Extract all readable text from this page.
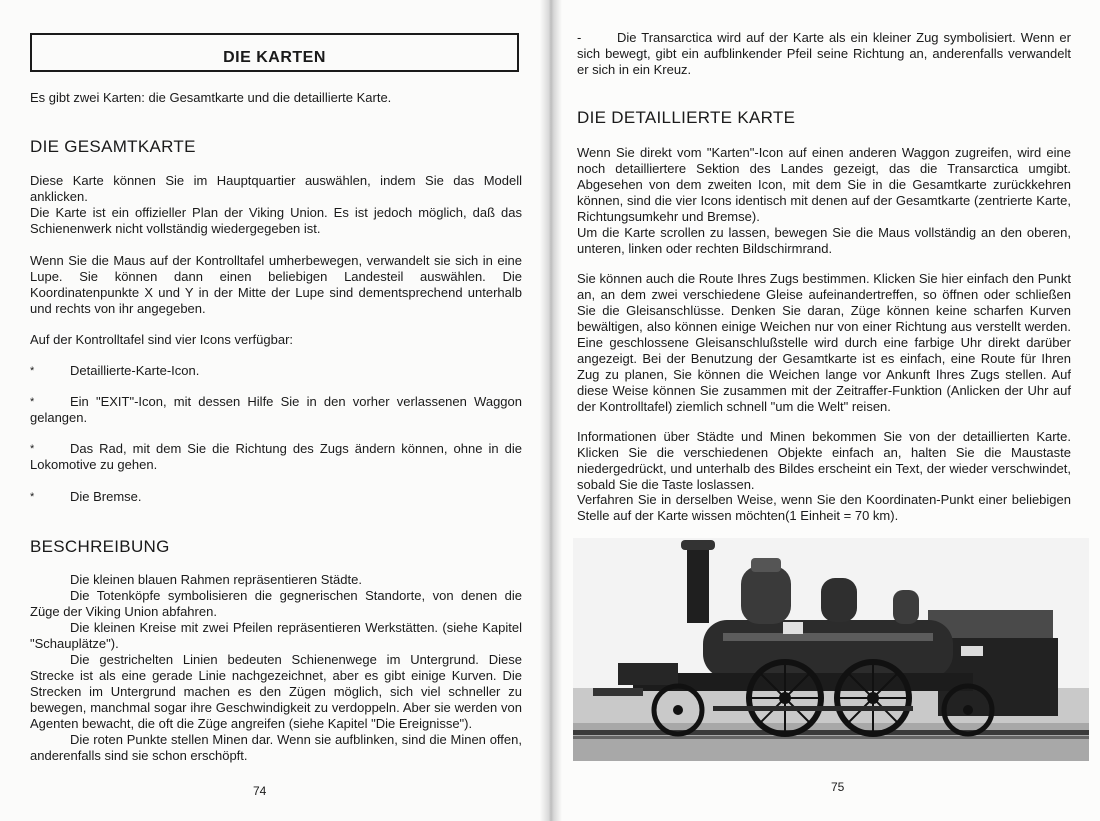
DIE KARTEN
Es gibt zwei Karten: die Gesamtkarte und die detaillierte Karte.
DIE GESAMTKARTE
Diese Karte können Sie im Hauptquartier auswählen, indem Sie das Modell anklicken.
Die Karte ist ein offizieller Plan der Viking Union. Es ist jedoch möglich, daß das Schienenwerk nicht vollständig wiedergegeben ist.
Wenn Sie die Maus auf der Kontrolltafel umherbewegen, verwandelt sie sich in eine Lupe. Sie können dann einen beliebigen Landesteil auswählen. Die Koordinatenpunkte X und Y in der Mitte der Lupe sind dementsprechend unterhalb und rechts von ihr angegeben.
Auf der Kontrolltafel sind vier Icons verfügbar:
*	Detaillierte-Karte-Icon.
*	Ein "EXIT"-Icon, mit dessen Hilfe Sie in den vorher verlassenen Waggon gelangen.
*	Das Rad, mit dem Sie die Richtung des Zugs ändern können, ohne in die Lokomotive zu gehen.
*	Die Bremse.
BESCHREIBUNG
Die kleinen blauen Rahmen repräsentieren Städte.
Die Totenköpfe symbolisieren die gegnerischen Standorte, von denen die Züge der Viking Union abfahren.
Die kleinen Kreise mit zwei Pfeilen repräsentieren Werkstätten. (siehe Kapitel "Schauplätze").
Die gestrichelten Linien bedeuten Schienenwege im Untergrund. Diese Strecke ist als eine gerade Linie nachgezeichnet, aber es gibt einige Kurven. Die Strecken im Untergrund machen es den Zügen möglich, sich viel schneller zu bewegen, manchmal sogar ihre Geschwindigkeit zu verdoppeln. Aber sie werden von Agenten bewacht, die oft die Züge angreifen (siehe Kapitel "Die Ereignisse").
Die roten Punkte stellen Minen dar. Wenn sie aufblinken, sind die Minen offen, anderenfalls sind sie schon erschöpft.
74
-	Die Transarctica wird auf der Karte als ein kleiner Zug symbolisiert. Wenn er sich bewegt, gibt ein aufblinkender Pfeil seine Richtung an, anderenfalls verwandelt er sich in ein Kreuz.
DIE DETAILLIERTE KARTE
Wenn Sie direkt vom "Karten"-Icon auf einen anderen Waggon zugreifen, wird eine noch detailliertere Sektion des Landes gezeigt, das die Transarctica umgibt. Abgesehen von dem zweiten Icon, mit dem Sie in die Gesamtkarte zurückkehren können, sind die vier Icons identisch mit denen auf der Gesamtkarte (zentrierte Karte, Richtungsumkehr und Bremse).
Um die Karte scrollen zu lassen, bewegen Sie die Maus vollständig an den oberen, unteren, linken oder rechten Bildschirmrand.
Sie können auch die Route Ihres Zugs bestimmen. Klicken Sie hier einfach den Punkt an, an dem zwei verschiedene Gleise aufeinandertreffen, so öffnen oder schließen Sie die Gleisanschlüsse. Denken Sie daran, Züge können keine scharfen Kurven bewältigen, also können einige Weichen nur von einer Richtung aus verstellt werden. Eine geschlossene Gleisanschlußstelle wird durch eine farbige Uhr direkt darüber angezeigt. Bei der Benutzung der Gesamtkarte ist es einfach, eine Route für Ihren Zug zu planen, Sie können die Weichen lange vor Ankunft Ihres Zugs stellen. Auf diese Weise können Sie zusammen mit der Zeitraffer-Funktion (Anlicken der Uhr auf der Kontrolltafel) ziemlich schnell "um die Welt" reisen.
Informationen über Städte und Minen bekommen Sie von der detaillierten Karte. Klicken Sie die verschiedenen Objekte einfach an, halten Sie die Maustaste niedergedrückt, und unterhalb des Bildes erscheint ein Text, der wieder verschwindet, sobald Sie die Taste loslassen.
Verfahren Sie in derselben Weise, wenn Sie den Koordinaten-Punkt einer beliebigen Stelle auf der Karte wissen möchten(1 Einheit = 70 km).
75
